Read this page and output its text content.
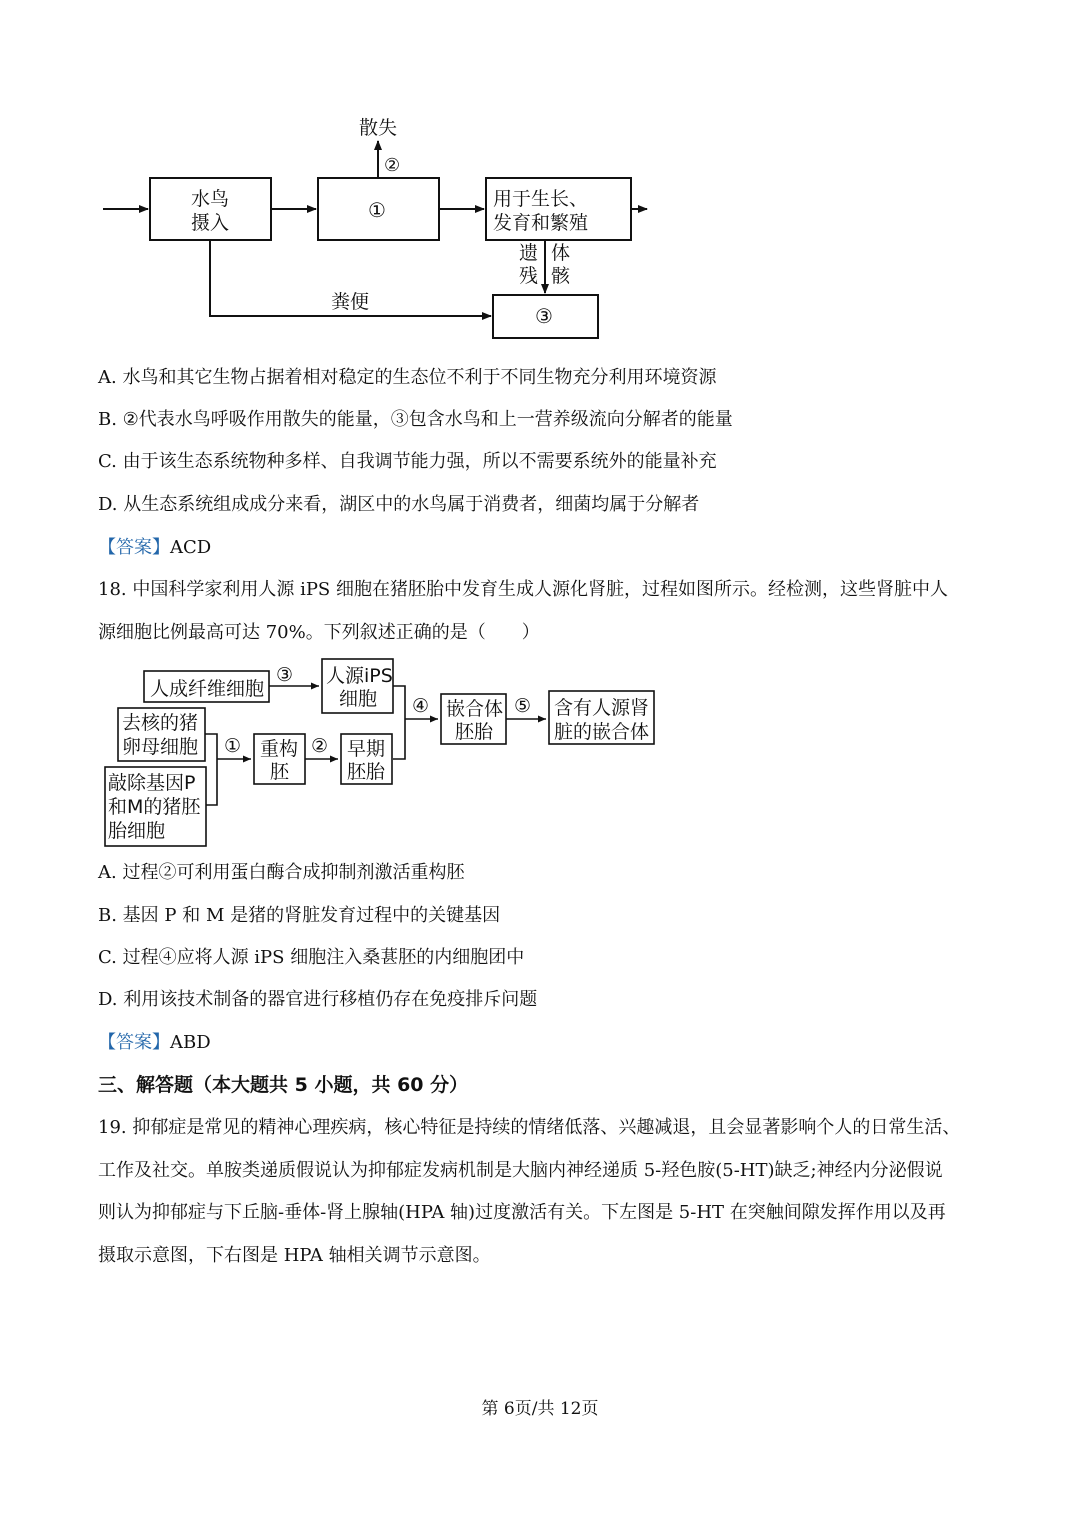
散失
②
水鸟
摄入
①	用于生长、
发育和繁殖
遗
残
体
骸
粪便
③
A. 水鸟和其它生物占据着相对稳定的生态位不利于不同生物充分利用环境资源
B. ②代表水鸟呼吸作用散失的能量，③包含水鸟和上一营养级流向分解者的能量
C. 由于该生态系统物种多样、自我调节能力强，所以不需要系统外的能量补充
D. 从生态系统组成成分来看，湖区中的水鸟属于消费者，细菌均属于分解者
【答案】ACD
18. 中国科学家利用人源 iPS 细胞在猪胚胎中发育生成人源化肾脏，过程如图所示。经检测，这些肾脏中人
源细胞比例最高可达 70%。下列叙述正确的是（　　）
人成纤维细胞
③ 人源iPS
细胞
去核的猪
卵母细胞
敲除基因P
和M的猪胚
胎细胞
① 重构
胚
② 早期
胚胎
④ 嵌合体
胚胎
⑤ 含有人源肾
脏的嵌合体
A. 过程②可利用蛋白酶合成抑制剂激活重构胚
B. 基因 P 和 M 是猪的肾脏发育过程中的关键基因
C. 过程④应将人源 iPS 细胞注入桑葚胚的内细胞团中
D. 利用该技术制备的器官进行移植仍存在免疫排斥问题
【答案】ABD
三、解答题（本大题共 5 小题，共 60 分）
19. 抑郁症是常见的精神心理疾病，核心特征是持续的情绪低落、兴趣减退，且会显著影响个人的日常生活、
工作及社交。单胺类递质假说认为抑郁症发病机制是大脑内神经递质 5-羟色胺(5-HT)缺乏;神经内分泌假说
则认为抑郁症与下丘脑-垂体-肾上腺轴(HPA 轴)过度激活有关。下左图是 5-HT 在突触间隙发挥作用以及再
摄取示意图，下右图是 HPA 轴相关调节示意图。
第 6页/共 12页
